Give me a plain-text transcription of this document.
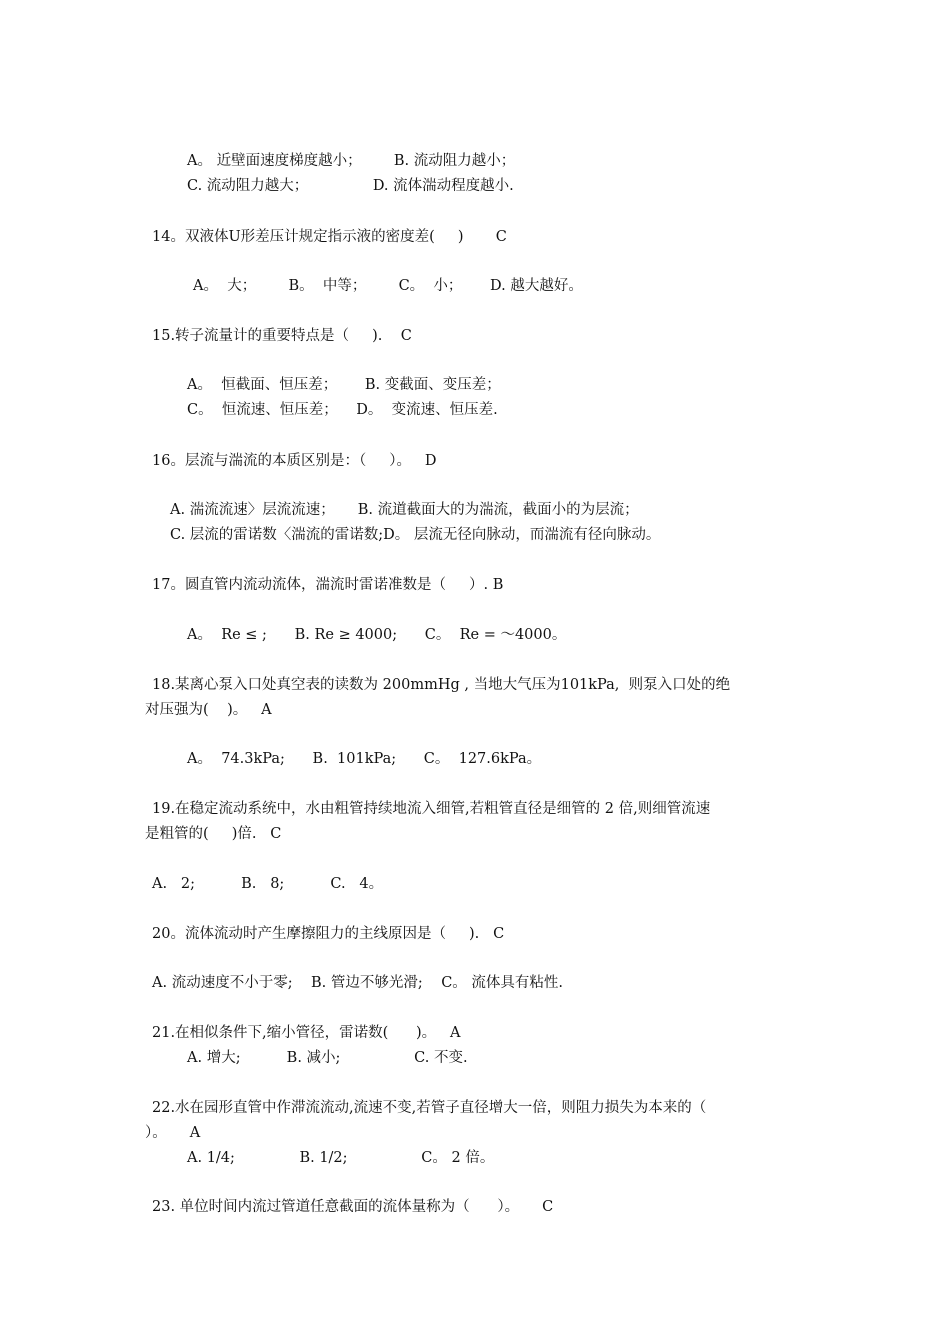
A。 近壁面速度梯度越小；       B. 流动阻力越小；
C. 流动阻力越大；              D. 流体湍动程度越小.
14。双液体U形差压计规定指示液的密度差(     )       C
A。  大；       B。  中等；       C。  小；      D. 越大越好。
15.转子流量计的重要特点是（     ).    C
A。  恒截面、恒压差；      B. 变截面、变压差；
C。  恒流速、恒压差；    D。  变流速、恒压差.
16。层流与湍流的本质区别是：（     ）。   D
A. 湍流流速〉层流流速；     B. 流道截面大的为湍流，截面小的为层流；
C. 层流的雷诺数〈湍流的雷诺数;D。 层流无径向脉动，而湍流有径向脉动。
17。圆直管内流动流体，湍流时雷诺准数是（     ）. B
A。  Re ≤ ;      B. Re ≥ 4000;      C。  Re = ～4000。
18.某离心泵入口处真空表的读数为 200mmHg , 当地大气压为101kPa,  则泵入口处的绝
对压强为(    )。   A
A。  74.3kPa;      B.  101kPa;      C。  127.6kPa。
19.在稳定流动系统中，水由粗管持续地流入细管,若粗管直径是细管的 2 倍,则细管流速
是粗管的(     )倍.   C
A.   2;          B.   8;          C.   4。
20。流体流动时产生摩擦阻力的主线原因是（     ).   C
A. 流动速度不小于零;    B. 管边不够光滑;    C。 流体具有粘性.
21.在相似条件下,缩小管径，雷诺数(      )。   A
A. 增大;          B. 减小;                C. 不变.
22.水在园形直管中作滞流流动,流速不变,若管子直径增大一倍，则阻力损失为本来的（
）。     A
A. 1/4;              B. 1/2;                C。 2 倍。
23. 单位时间内流过管道任意截面的流体量称为（      ）。     C
